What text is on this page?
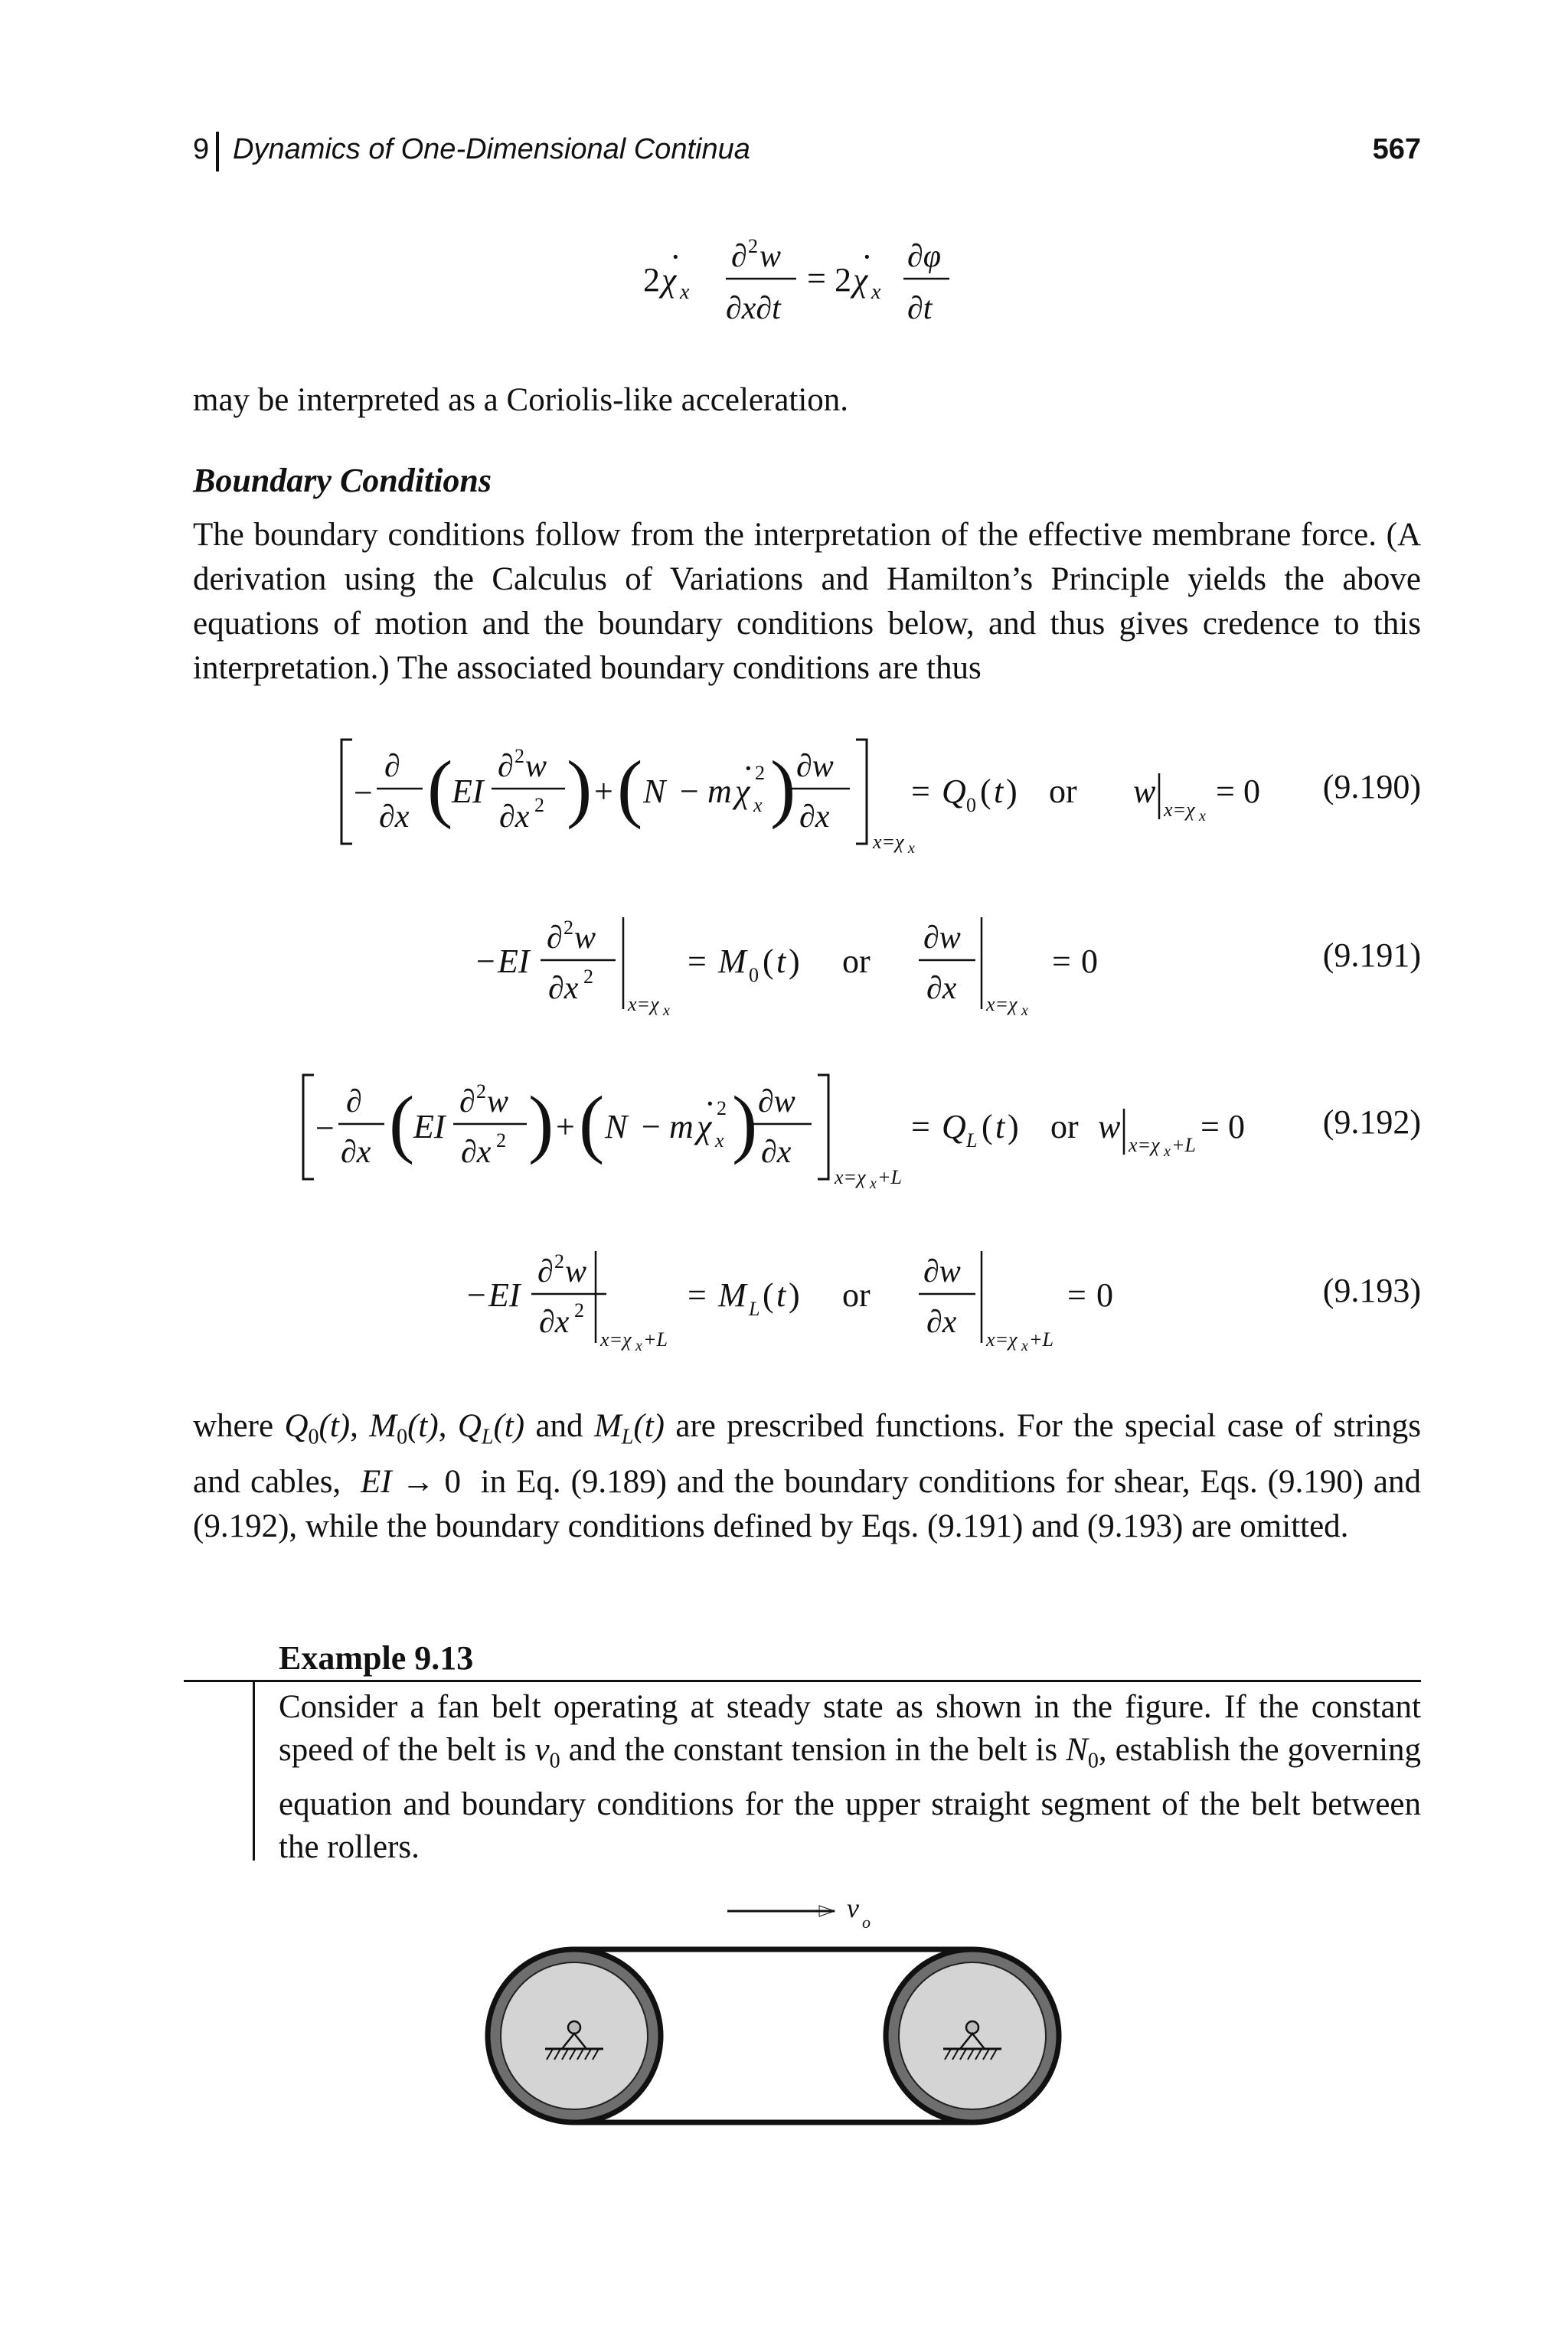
9 Dynamics of One-Dimensional Continua	567
2 χ
·
x
∂ 2 w
∂x∂t
= 2 χ
·
x
∂φ
∂t
may be interpreted as a Coriolis-like acceleration.
Boundary Conditions
The boundary conditions follow from the interpretation of the effective membrane force. (A derivation using the Calculus of Variations and Hamilton’s Principle yields the above equations of motion and the boundary conditions below, and thus gives credence to this interpretation.) The associated boundary conditions are thus
−
∂
∂x (
EI
∂ 2 w
∂x 2 ) + ( N − m χ
·
x
2 ) ∂w
∂x
x=χ x
= Q 0 ( t ) or w x=χ x
= 0 (9.190)
− EI
∂ 2 w
∂x 2
x=χ x
= M 0 ( t ) or
∂w
∂x x=χ x
= 0	(9.191)
−
∂
∂x (
EI
∂ 2 w
∂x 2 ) + ( N − m χ
·
x
2 ) ∂w
∂x
x=χ x +L
= Q L ( t ) or w x=χ x +L = 0 (9.192)
− EI
∂ 2 w
∂x 2
x=χ x +L
= M L ( t ) or
∂w
∂x x=χ x +L
= 0	(9.193)
where $Q_0(t)$, $M_0(t)$, $Q_L(t)$ and $M_L(t)$ are prescribed functions. For the special case of strings and cables,  EI → 0 in Eq. (9.189) and the boundary conditions for shear, Eqs. (9.190) and (9.192), while the boundary conditions defined by Eqs. (9.191) and (9.193) are omitted.
Example 9.13
Consider a fan belt operating at steady state as shown in the figure. If the constant speed of the belt is $v_0$ and the constant tension in the belt is $N_0$, establish the governing equation and boundary conditions for the upper straight segment of the belt between the rollers.
v o
